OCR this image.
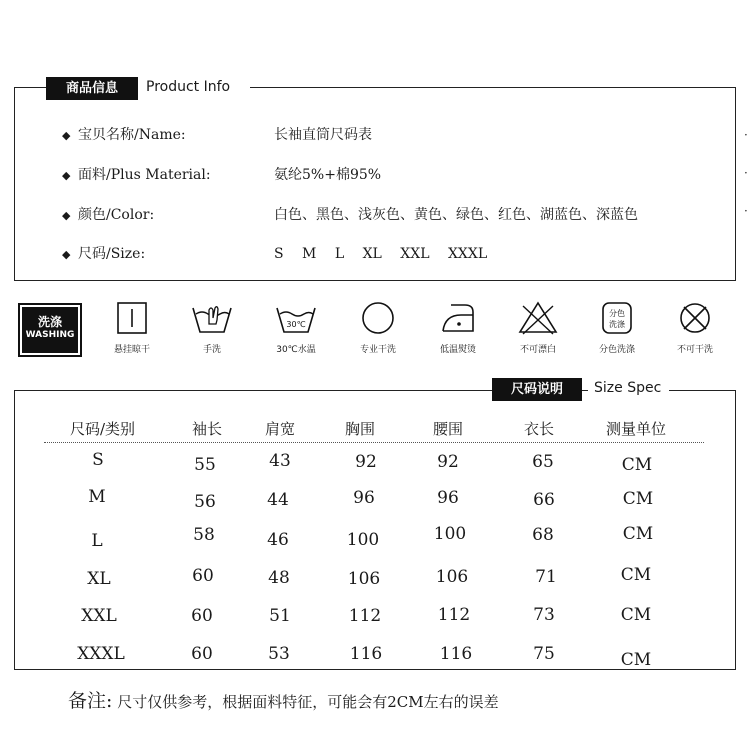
商品信息	Product Info
◆ 宝贝名称/Name:	长袖直筒尺码表
◆ 面料/Plus Material:	氨纶5%+棉95%
◆ 颜色/Color:	白色、黑色、浅灰色、黄色、绿色、红色、湖蓝色、深蓝色
◆ 尺码/Size:	S M L XL XXL XXXL
·
·
·
洗涤
WASHING
悬挂晾干	手洗
30℃
30℃水温	专业干洗	低温熨烫	不可漂白
分色
洗涤
分色洗涤	不可干洗
尺码说明	Size Spec
尺码/类别	袖长	肩宽	胸围	腰围	衣长	测量单位
S	55	43	92	92	65	CM
M	56	44	96	96	66	CM
L	58	46	100	100	68	CM
XL	60	48	106	106	71	CM
XXL	60	51	112	112	73	CM
XXXL	60	53	116	116	75	CM
备注: 尺寸仅供参考，根据面料特征，可能会有2CM左右的误差
